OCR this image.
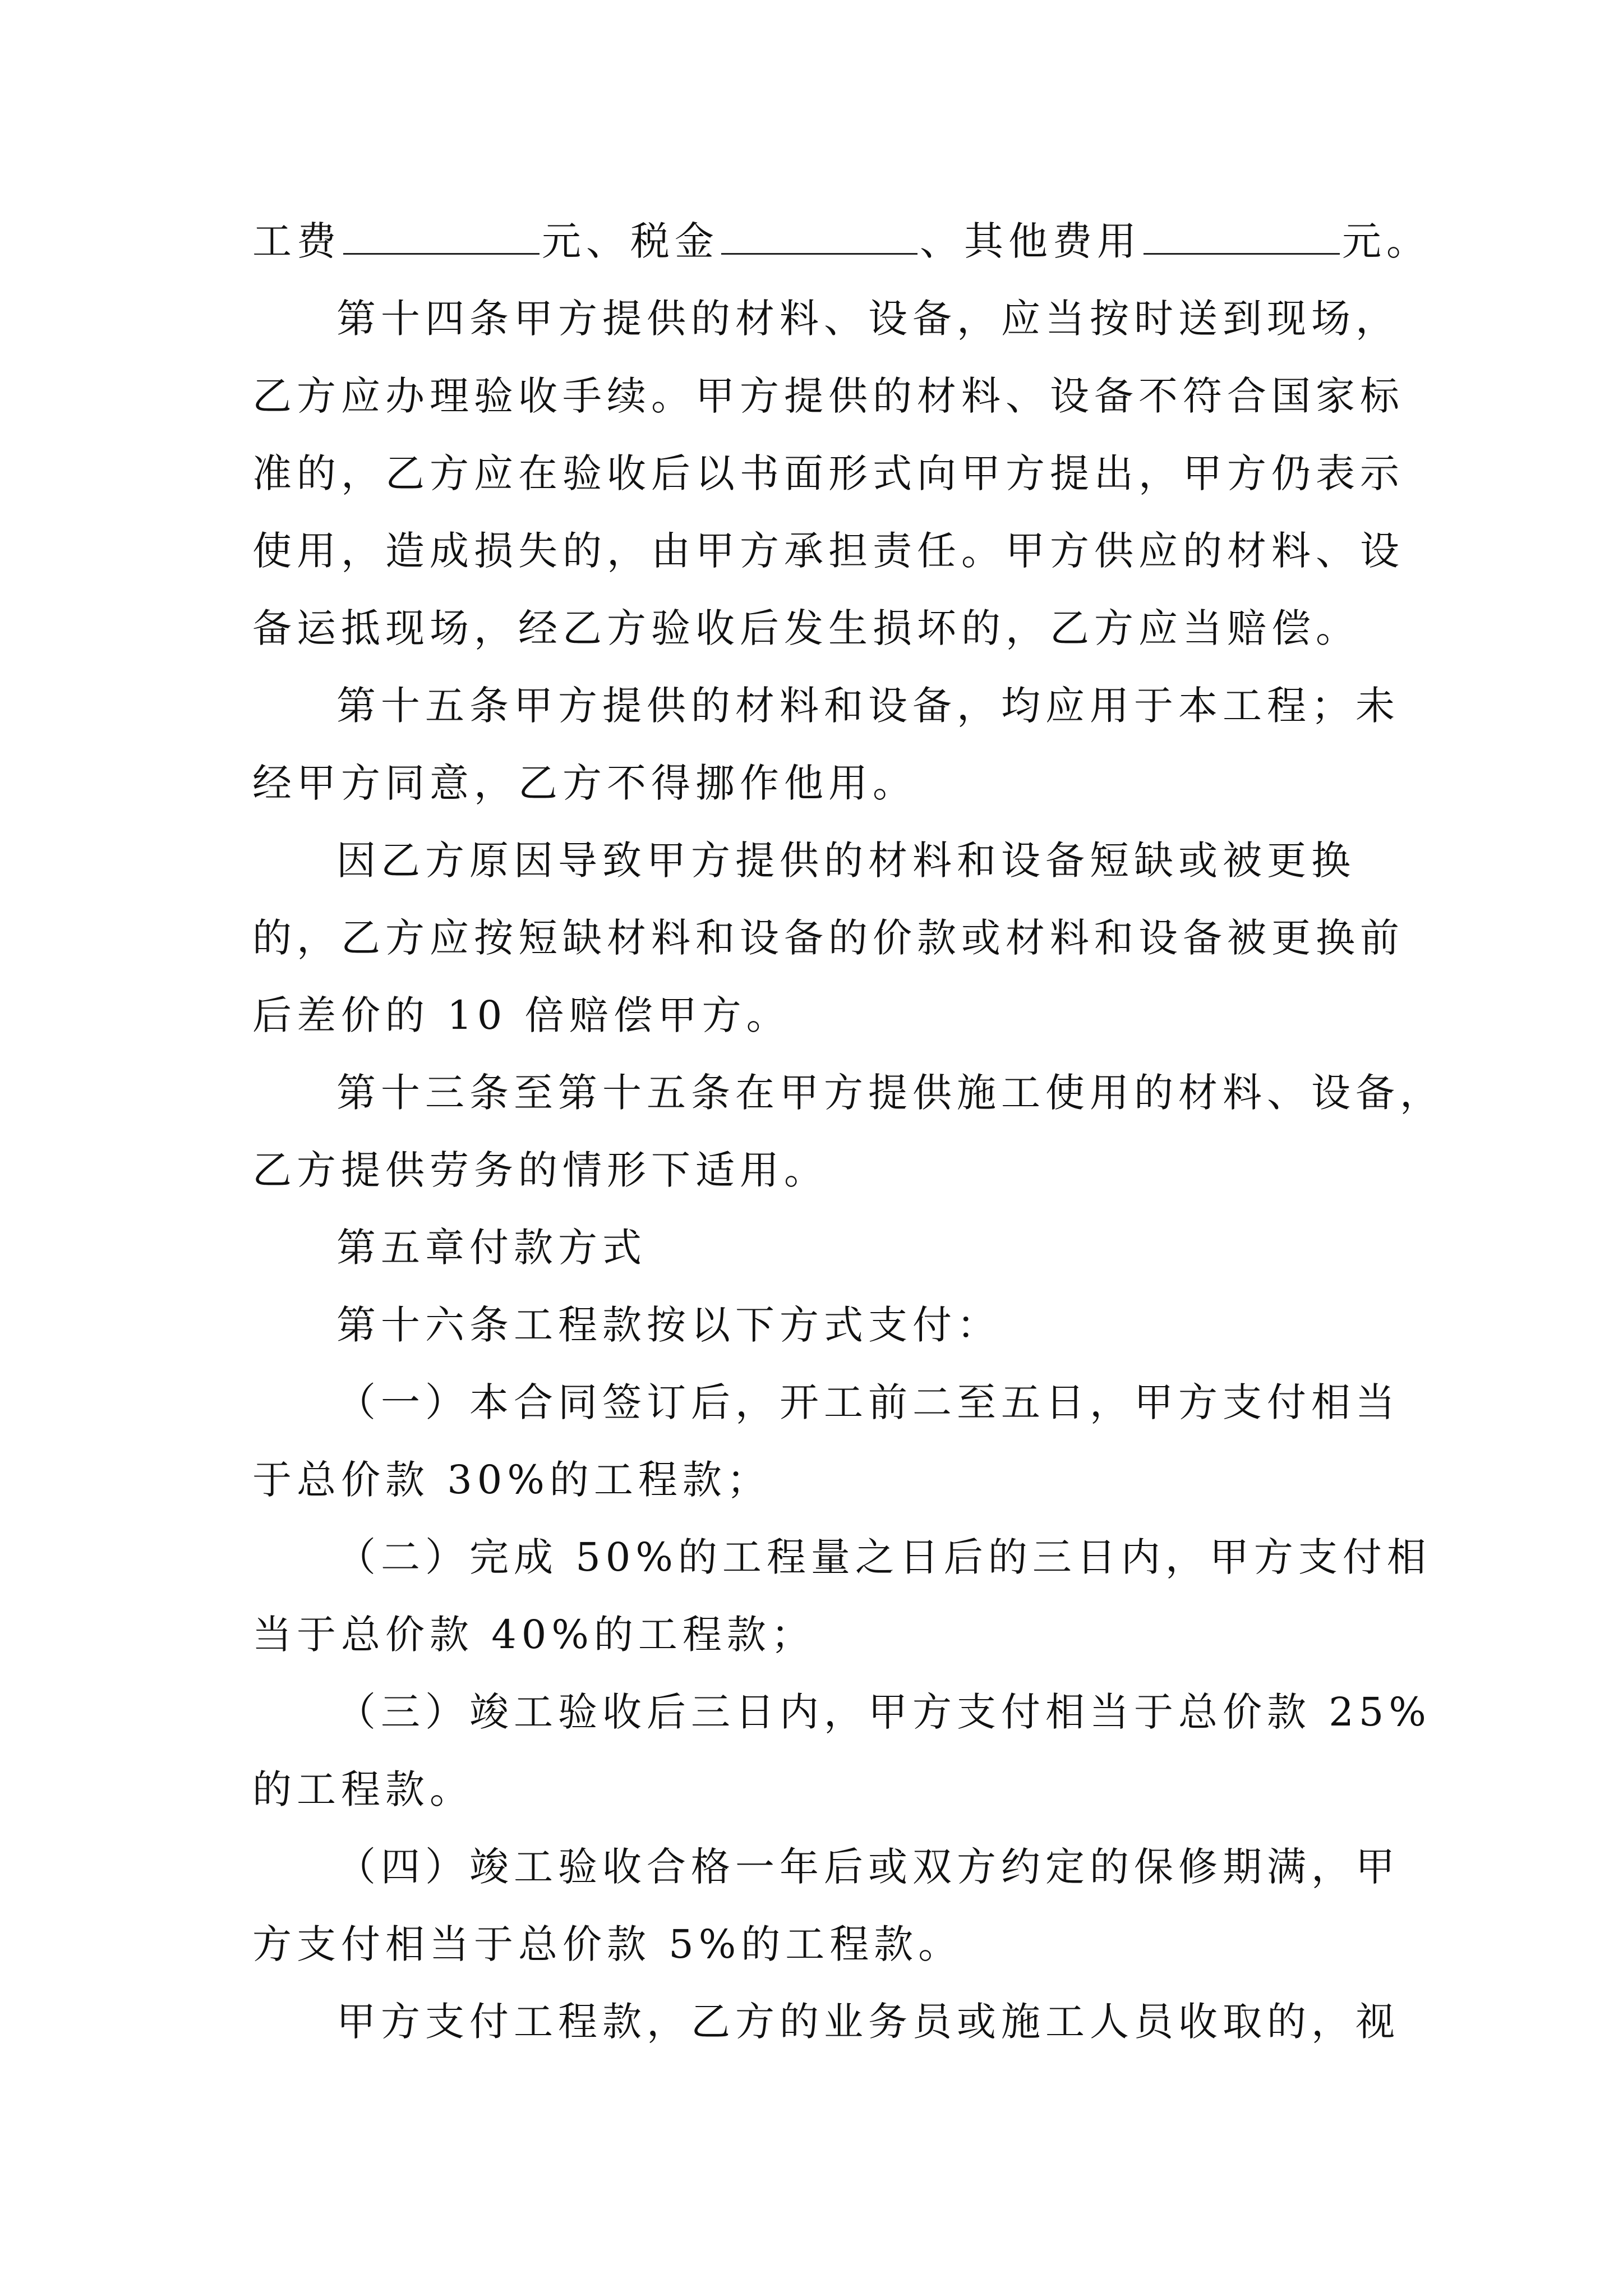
工费	元、税金	、其他费用	元。
第十四条甲方提供的材料、设备，应当按时送到现场，
乙方应办理验收手续。甲方提供的材料、设备不符合国家标
准的，乙方应在验收后以书面形式向甲方提出，甲方仍表示
使用，造成损失的，由甲方承担责任。甲方供应的材料、设
备运抵现场，经乙方验收后发生损坏的，乙方应当赔偿。
第十五条甲方提供的材料和设备，均应用于本工程；未
经甲方同意，乙方不得挪作他用。
因乙方原因导致甲方提供的材料和设备短缺或被更换
的，乙方应按短缺材料和设备的价款或材料和设备被更换前
后差价的 10 倍赔偿甲方。
第十三条至第十五条在甲方提供施工使用的材料、设备，
乙方提供劳务的情形下适用。
第五章付款方式
第十六条工程款按以下方式支付：
（一）本合同签订后，开工前二至五日，甲方支付相当
于总价款 30%的工程款；
（二）完成 50%的工程量之日后的三日内，甲方支付相
当于总价款 40%的工程款；
（三）竣工验收后三日内，甲方支付相当于总价款 25%
的工程款。
（四）竣工验收合格一年后或双方约定的保修期满，甲
方支付相当于总价款 5%的工程款。
甲方支付工程款，乙方的业务员或施工人员收取的，视
